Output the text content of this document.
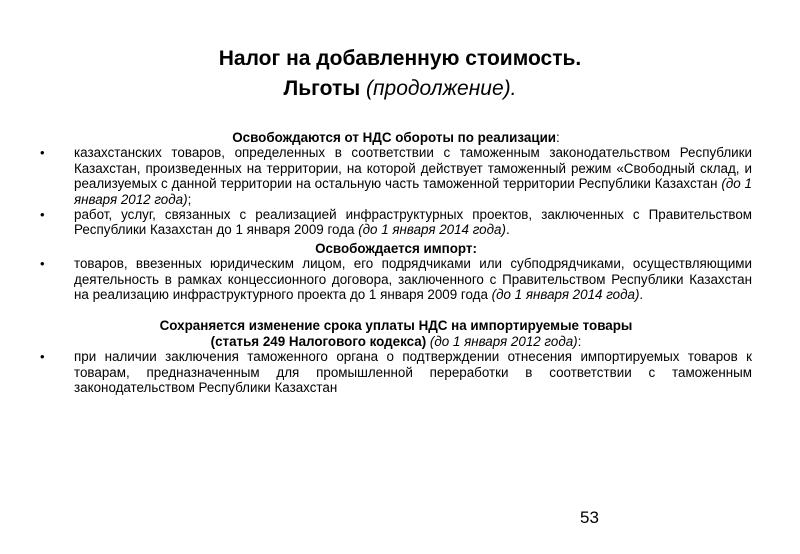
Налог на добавленную стоимость.
Льготы (продолжение).
Освобождаются от НДС обороты по реализации:
• казахстанских товаров, определенных в соответствии с таможенным законодательством Республики Казахстан, произведенных на территории, на которой действует таможенный режим «Свободный склад, и реализуемых с данной территории на остальную часть таможенной территории Республики Казахстан (до 1 января 2012 года);
• работ, услуг, связанных с реализацией инфраструктурных проектов, заключенных с Правительством Республики Казахстан до 1 января 2009 года (до 1 января 2014 года).
Освобождается импорт:
• товаров, ввезенных юридическим лицом, его подрядчиками или субподрядчиками, осуществляющими деятельность в рамках концессионного договора, заключенного с Правительством Республики Казахстан на реализацию инфраструктурного проекта до 1 января 2009 года (до 1 января 2014 года).
Сохраняется изменение срока уплаты НДС на импортируемые товары
(статья 249 Налогового кодекса) (до 1 января 2012 года):
• при наличии заключения таможенного органа о подтверждении отнесения импортируемых товаров к товарам, предназначенным для промышленной переработки в соответствии с таможенным законодательством Республики Казахстан
53
